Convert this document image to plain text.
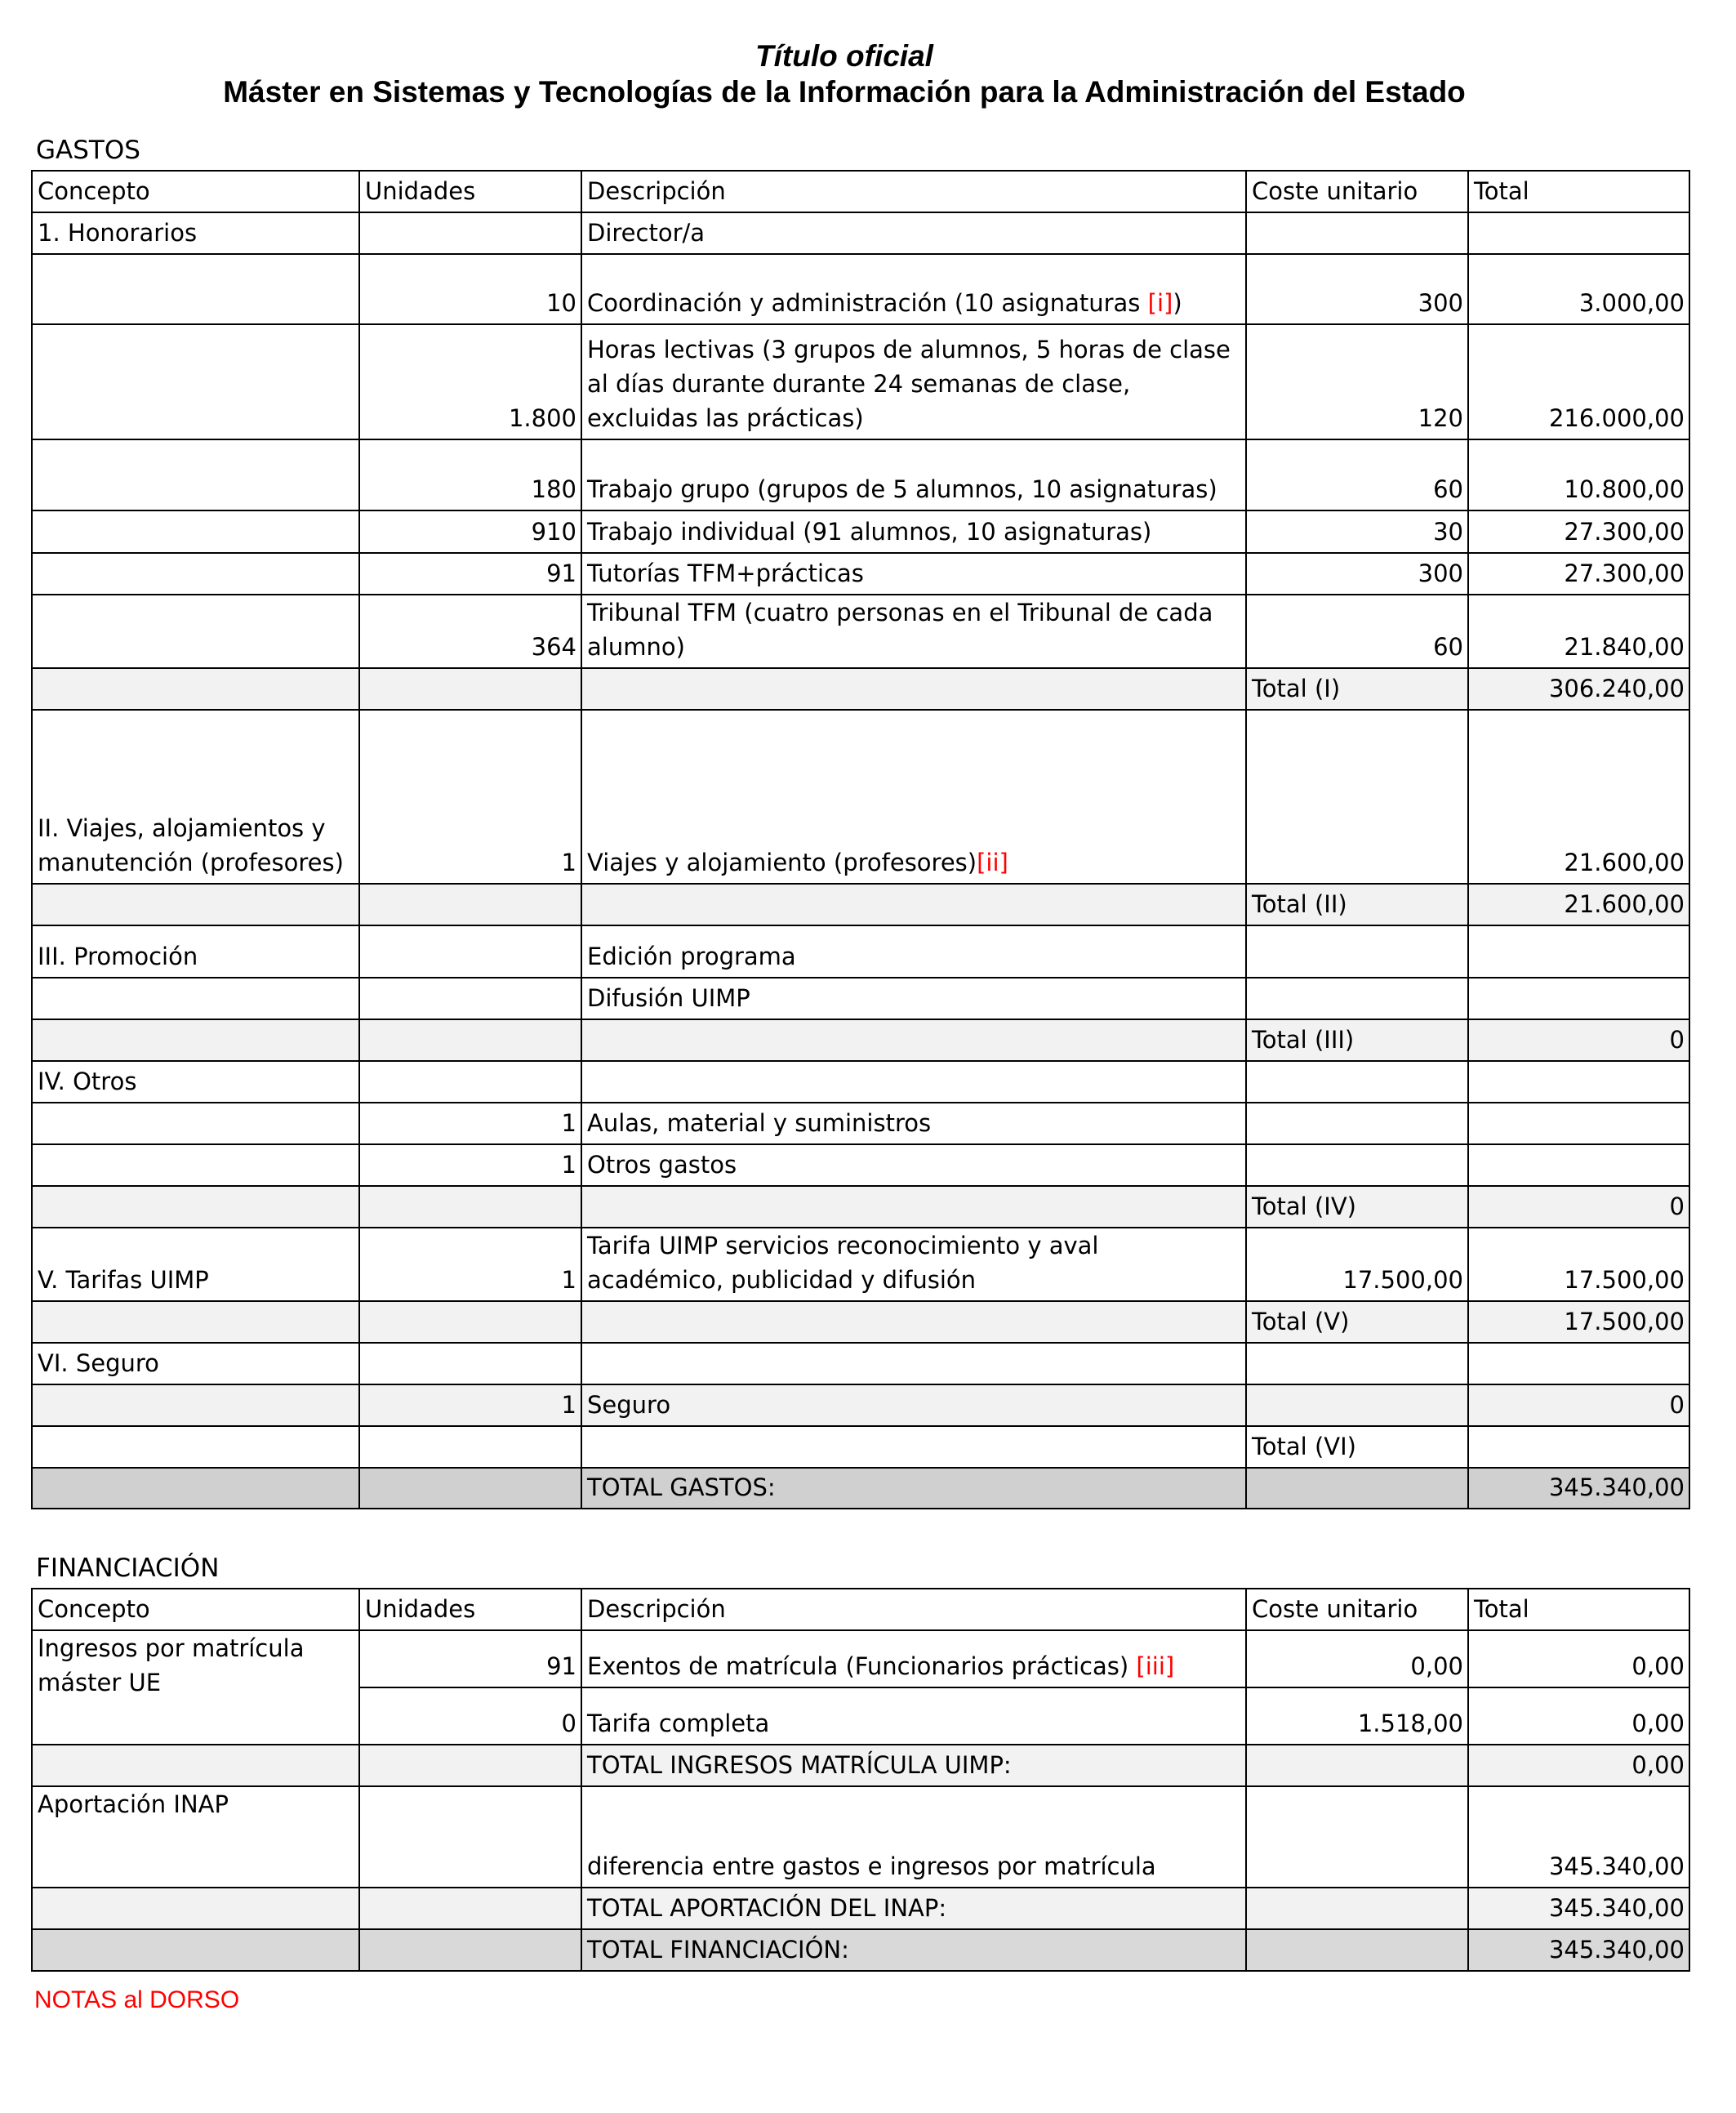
Título oficial
Máster en Sistemas y Tecnologías de la Información para la Administración del Estado
GASTOS
Concepto	Unidades	Descripción	Coste unitario	Total
1. Honorarios		Director/a		
	10	Coordinación y administración (10 asignaturas [i])	300	3.000,00
	1.800	Horas lectivas (3 grupos de alumnos, 5 horas de clase al días durante durante 24 semanas de clase, excluidas las prácticas)	120	216.000,00
	180	Trabajo grupo (grupos de 5 alumnos, 10 asignaturas)	60	10.800,00
	910	Trabajo individual (91 alumnos, 10 asignaturas)	30	27.300,00
	91	Tutorías TFM+prácticas	300	27.300,00
	364	Tribunal TFM (cuatro personas en el Tribunal de cada alumno)	60	21.840,00
			Total (I)	306.240,00
II. Viajes, alojamientos y manutención (profesores)	1	Viajes y alojamiento (profesores)[ii]		21.600,00
			Total (II)	21.600,00
III. Promoción		Edición programa		
		Difusión UIMP		
			Total (III)	0
IV. Otros				
	1	Aulas, material y suministros		
	1	Otros gastos		
			Total (IV)	0
V. Tarifas UIMP	1	Tarifa UIMP servicios reconocimiento y aval académico, publicidad y difusión	17.500,00	17.500,00
			Total (V)	17.500,00
VI. Seguro				
	1	Seguro		0
			Total (VI)	
		TOTAL GASTOS:		345.340,00
FINANCIACIÓN
Concepto	Unidades	Descripción	Coste unitario	Total
Ingresos por matrícula máster UE	91	Exentos de matrícula (Funcionarios prácticas) [iii]	0,00	0,00
	0	Tarifa completa	1.518,00	0,00
		TOTAL INGRESOS MATRÍCULA UIMP:		0,00
Aportación INAP		diferencia entre gastos e ingresos por matrícula		345.340,00
		TOTAL APORTACIÓN DEL INAP:		345.340,00
		TOTAL FINANCIACIÓN:		345.340,00
NOTAS al DORSO
